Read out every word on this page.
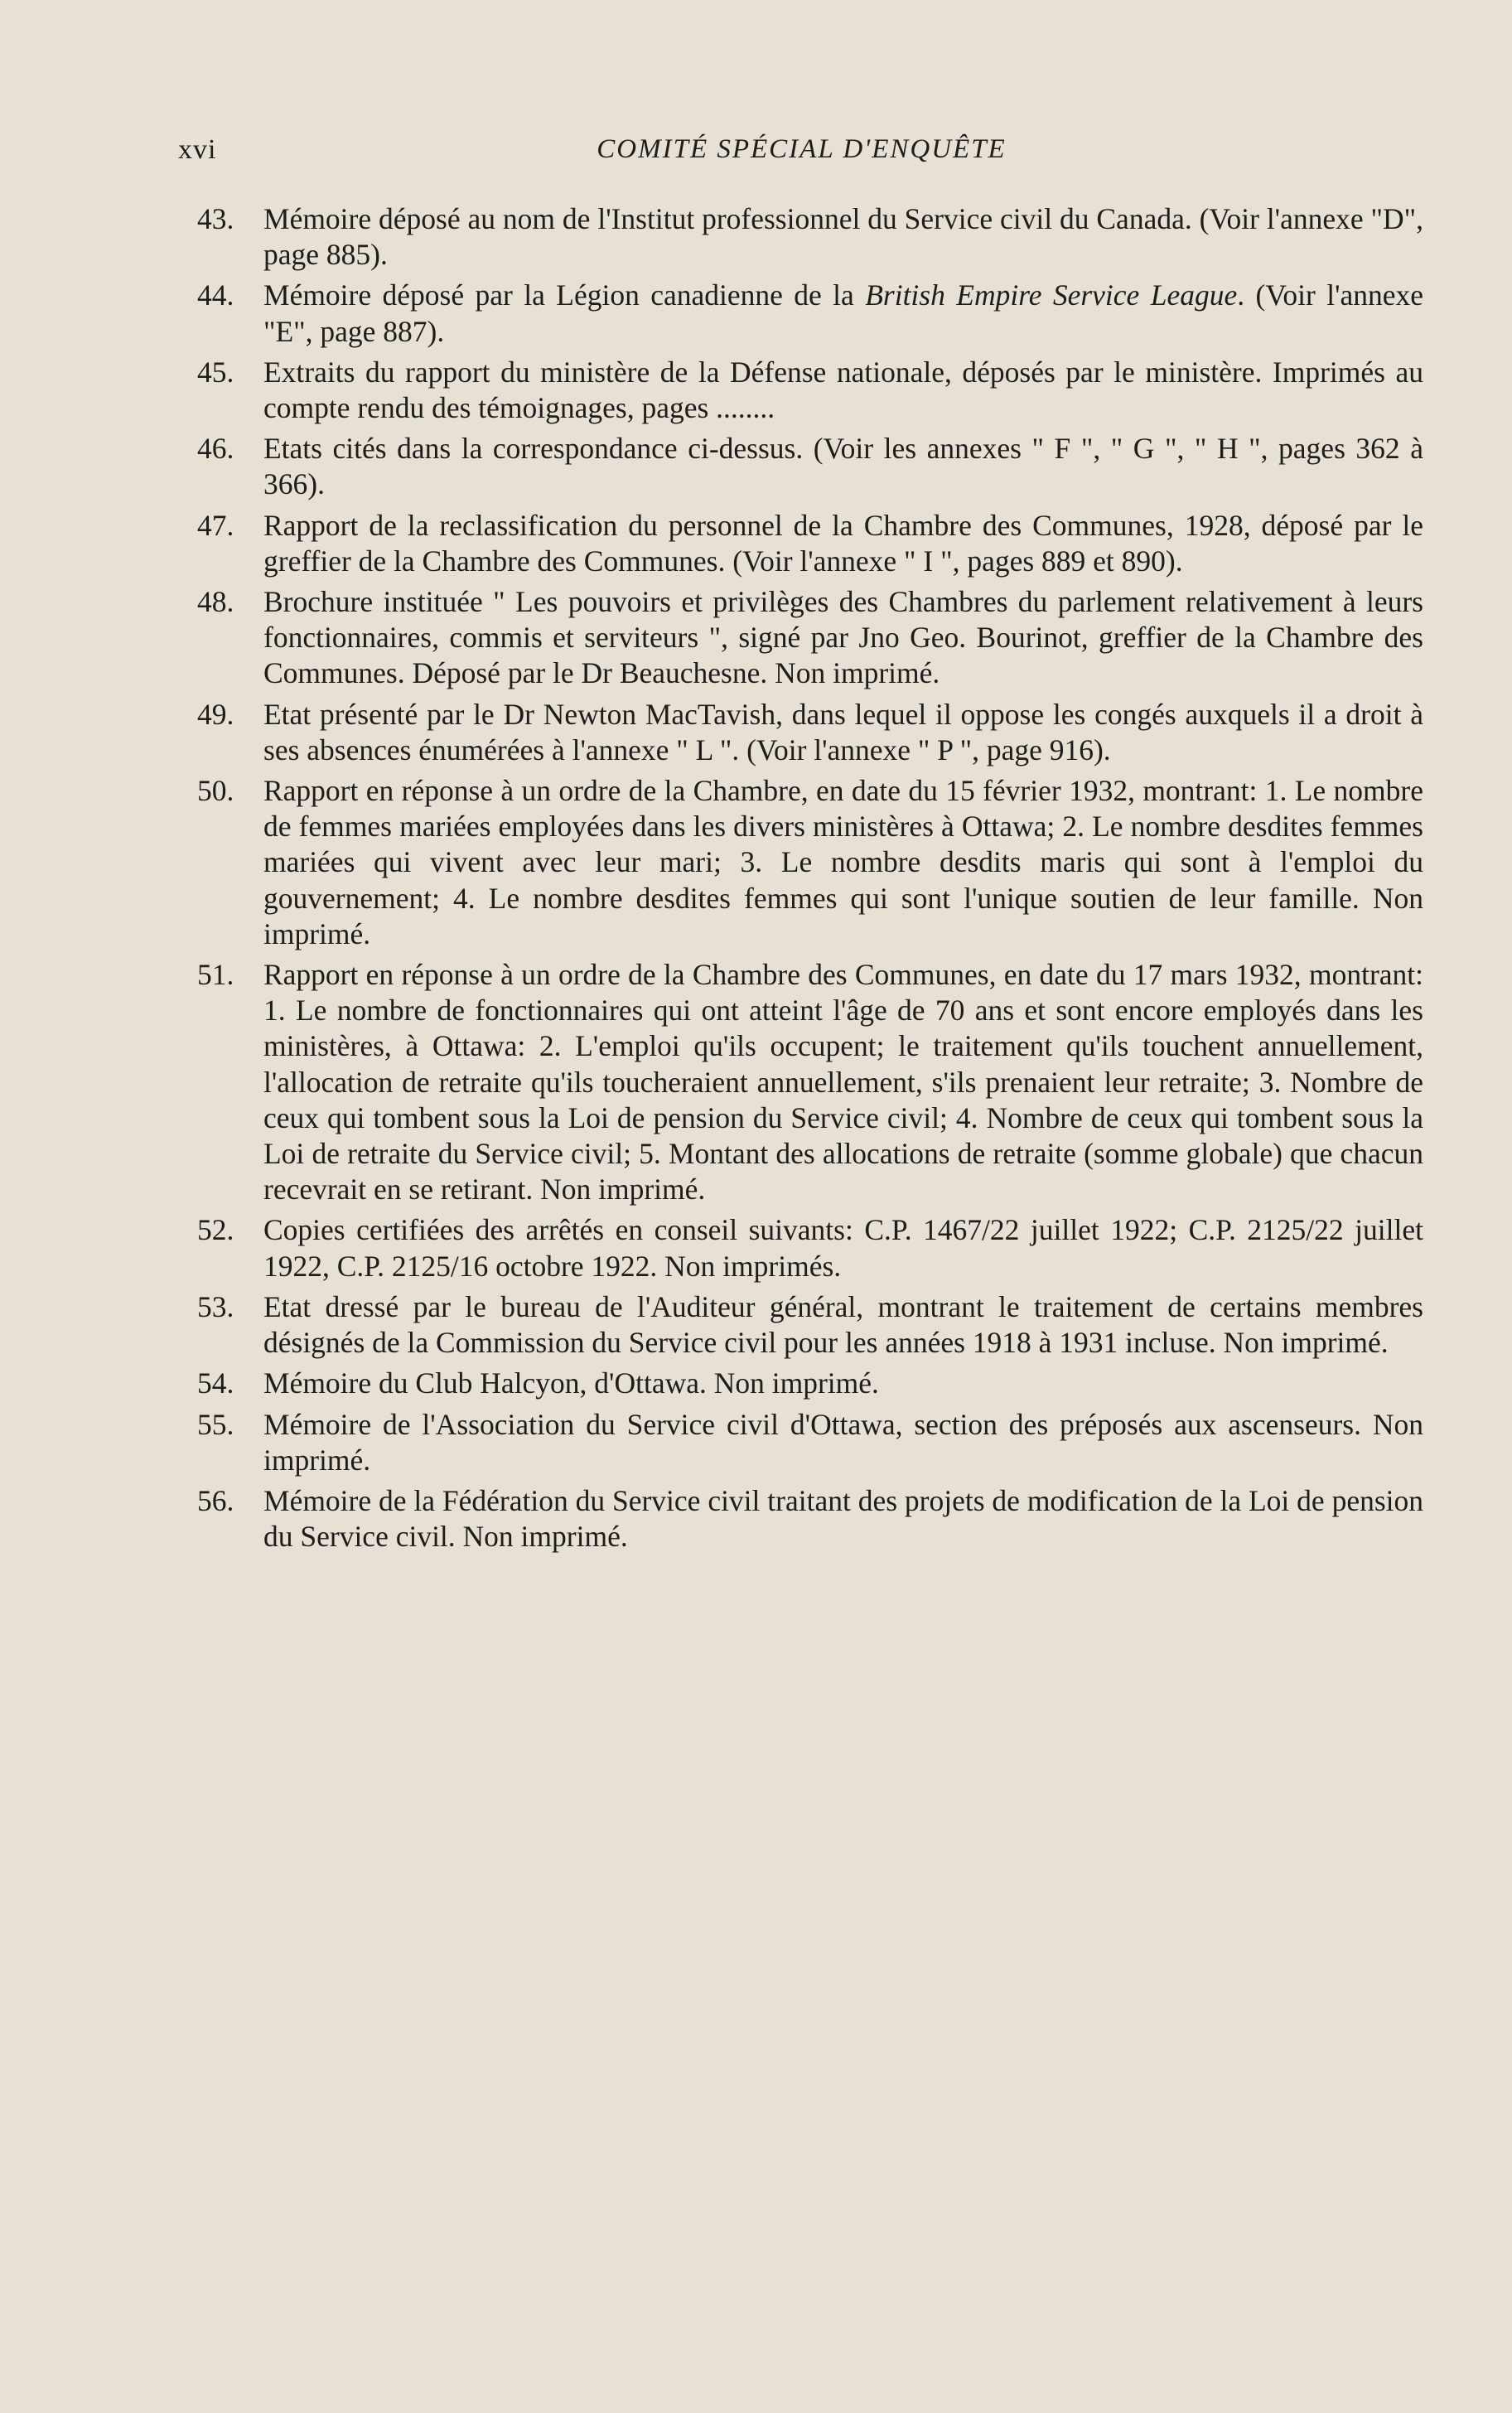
xvi	COMITÉ SPÉCIAL D'ENQUÊTE
43.	Mémoire déposé au nom de l'Institut professionnel du Service civil du Canada. (Voir l'annexe "D", page 885).
44.	Mémoire déposé par la Légion canadienne de la British Empire Service League. (Voir l'annexe "E", page 887).
45.	Extraits du rapport du ministère de la Défense nationale, déposés par le ministère. Imprimés au compte rendu des témoignages, pages ........
46.	Etats cités dans la correspondance ci-dessus. (Voir les annexes " F ", " G ", " H ", pages 362 à 366).
47.	Rapport de la reclassification du personnel de la Chambre des Communes, 1928, déposé par le greffier de la Chambre des Communes. (Voir l'annexe " I ", pages 889 et 890).
48.	Brochure instituée " Les pouvoirs et privilèges des Chambres du parlement relativement à leurs fonctionnaires, commis et serviteurs ", signé par Jno Geo. Bourinot, greffier de la Chambre des Communes. Déposé par le Dr Beauchesne. Non imprimé.
49.	Etat présenté par le Dr Newton MacTavish, dans lequel il oppose les congés auxquels il a droit à ses absences énumérées à l'annexe " L ". (Voir l'annexe " P ", page 916).
50.	Rapport en réponse à un ordre de la Chambre, en date du 15 février 1932, montrant: 1. Le nombre de femmes mariées employées dans les divers ministères à Ottawa; 2. Le nombre desdites femmes mariées qui vivent avec leur mari; 3. Le nombre desdits maris qui sont à l'emploi du gouvernement; 4. Le nombre desdites femmes qui sont l'unique soutien de leur famille. Non imprimé.
51.	Rapport en réponse à un ordre de la Chambre des Communes, en date du 17 mars 1932, montrant: 1. Le nombre de fonctionnaires qui ont atteint l'âge de 70 ans et sont encore employés dans les ministères, à Ottawa: 2. L'emploi qu'ils occupent; le traitement qu'ils touchent annuellement, l'allocation de retraite qu'ils toucheraient annuellement, s'ils prenaient leur retraite; 3. Nombre de ceux qui tombent sous la Loi de pension du Service civil; 4. Nombre de ceux qui tombent sous la Loi de retraite du Service civil; 5. Montant des allocations de retraite (somme globale) que chacun recevrait en se retirant. Non imprimé.
52.	Copies certifiées des arrêtés en conseil suivants: C.P. 1467/22 juillet 1922; C.P. 2125/22 juillet 1922, C.P. 2125/16 octobre 1922. Non imprimés.
53.	Etat dressé par le bureau de l'Auditeur général, montrant le traitement de certains membres désignés de la Commission du Service civil pour les années 1918 à 1931 incluse. Non imprimé.
54.	Mémoire du Club Halcyon, d'Ottawa. Non imprimé.
55.	Mémoire de l'Association du Service civil d'Ottawa, section des préposés aux ascenseurs. Non imprimé.
56.	Mémoire de la Fédération du Service civil traitant des projets de modification de la Loi de pension du Service civil. Non imprimé.
